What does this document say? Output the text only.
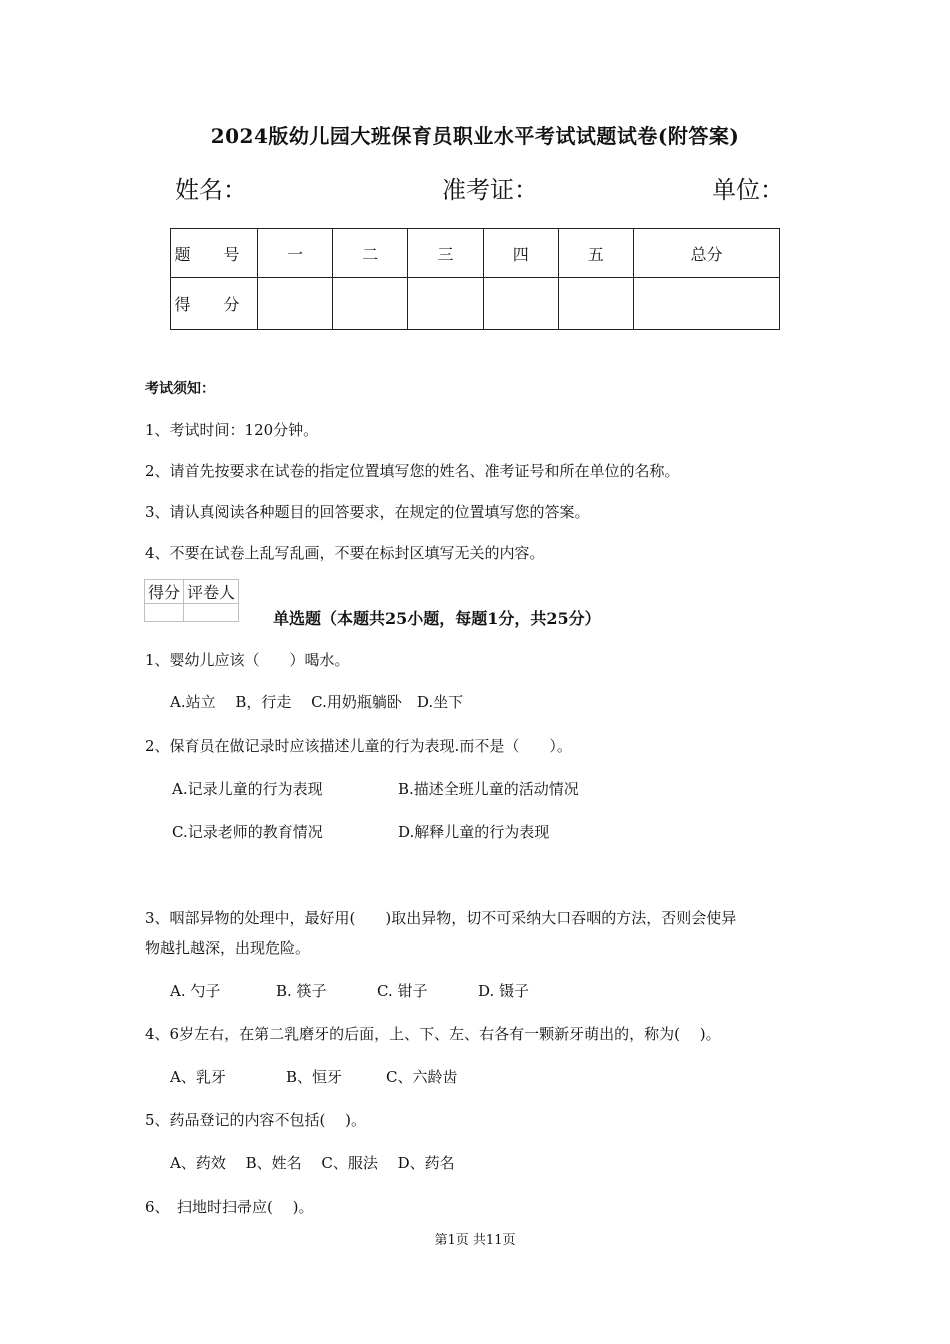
2024版幼儿园大班保育员职业水平考试试题试卷(附答案)
姓名：	准考证：	单位：
题 号	一	二	三	四	五	总分
得 分						
考试须知：
1、考试时间：120分钟。
2、请首先按要求在试卷的指定位置填写您的姓名、准考证号和所在单位的名称。
3、请认真阅读各种题目的回答要求，在规定的位置填写您的答案。
4、不要在试卷上乱写乱画，不要在标封区填写无关的内容。
得分	评卷人

单选题（本题共25小题，每题1分，共25分）
1、婴幼儿应该（　　）喝水。
A.站立　 B，行走　 C.用奶瓶躺卧　D.坐下
2、保育员在做记录时应该描述儿童的行为表现.而不是（　　）。
A.记录儿童的行为表现	B.描述全班儿童的活动情况
C.记录老师的教育情况	D.解释儿童的行为表现
3、咽部异物的处理中，最好用(　　)取出异物，切不可采纳大口吞咽的方法，否则会使异
物越扎越深，出现危险。
A. 勺子	B. 筷子	C. 钳子	D. 镊子
4、6岁左右，在第二乳磨牙的后面，上、下、左、右各有一颗新牙萌出的，称为(　 )。
A、乳牙	B、恒牙	C、六龄齿
5、药品登记的内容不包括(　 )。
A、药效　 B、姓名　 C、服法　 D、药名
6、　扫地时扫帚应(　 )。
第1页 共11页
